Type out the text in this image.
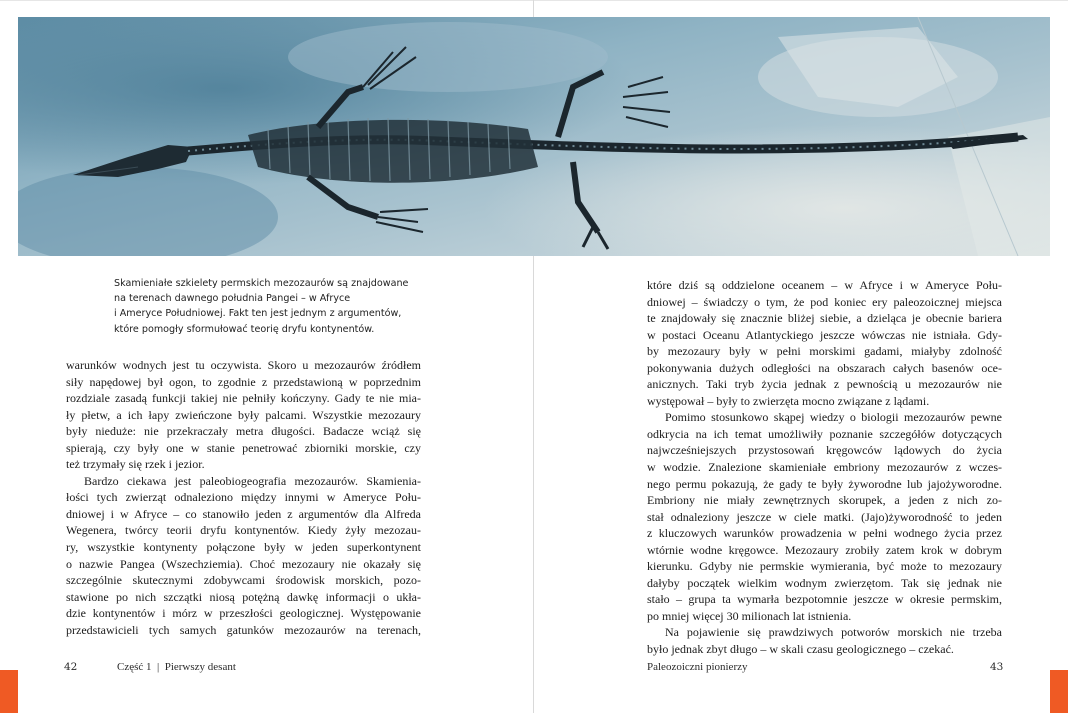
Skamieniałe szkielety permskich mezozaurów są znajdowane
na terenach dawnego południa Pangei – w Afryce
i Ameryce Południowej. Fakt ten jest jednym z argumentów,
które pomogły sformułować teorię dryfu kontynentów.
warunków wodnych jest tu oczywista. Skoro u mezozaurów źródłem
siły napędowej był ogon, to zgodnie z przedstawioną w poprzednim
rozdziale zasadą funkcji takiej nie pełniły kończyny. Gady te nie mia-
ły płetw, a ich łapy zwieńczone były palcami. Wszystkie mezozaury
były nieduże: nie przekraczały metra długości. Badacze wciąż się
spierają, czy były one w stanie penetrować zbiorniki morskie, czy
też trzymały się rzek i jezior.
Bardzo ciekawa jest paleobiogeografia mezozaurów. Skamienia-
łości tych zwierząt odnaleziono między innymi w Ameryce Połu-
dniowej i w Afryce – co stanowiło jeden z argumentów dla Alfreda
Wegenera, twórcy teorii dryfu kontynentów. Kiedy żyły mezozau-
ry, wszystkie kontynenty połączone były w jeden superkontynent
o nazwie Pangea (Wszechziemia). Choć mezozaury nie okazały się
szczególnie skutecznymi zdobywcami środowisk morskich, pozo-
stawione po nich szczątki niosą potężną dawkę informacji o ukła-
dzie kontynentów i mórz w przeszłości geologicznej. Występowanie
przedstawicieli tych samych gatunków mezozaurów na terenach,
które dziś są oddzielone oceanem – w Afryce i w Ameryce Połu-
dniowej – świadczy o tym, że pod koniec ery paleozoicznej miejsca
te znajdowały się znacznie bliżej siebie, a dzieląca je obecnie bariera
w postaci Oceanu Atlantyckiego jeszcze wówczas nie istniała. Gdy-
by mezozaury były w pełni morskimi gadami, miałyby zdolność
pokonywania dużych odległości na obszarach całych basenów oce-
anicznych. Taki tryb życia jednak z pewnością u mezozaurów nie
występował – były to zwierzęta mocno związane z lądami.
Pomimo stosunkowo skąpej wiedzy o biologii mezozaurów pewne
odkrycia na ich temat umożliwiły poznanie szczegółów dotyczących
najwcześniejszych przystosowań kręgowców lądowych do życia
w wodzie. Znalezione skamieniałe embriony mezozaurów z wczes-
nego permu pokazują, że gady te były żyworodne lub jajożyworodne.
Embriony nie miały zewnętrznych skorupek, a jeden z nich zo-
stał odnaleziony jeszcze w ciele matki. (Jajo)żyworodność to jeden
z kluczowych warunków prowadzenia w pełni wodnego życia przez
wtórnie wodne kręgowce. Mezozaury zrobiły zatem krok w dobrym
kierunku. Gdyby nie permskie wymierania, być może to mezozaury
dałyby początek wielkim wodnym zwierzętom. Tak się jednak nie
stało – grupa ta wymarła bezpotomnie jeszcze w okresie permskim,
po mniej więcej 30 milionach lat istnienia.
Na pojawienie się prawdziwych potworów morskich nie trzeba
było jednak zbyt długo – w skali czasu geologicznego – czekać.
42	Część 1  |  Pierwszy desant	Paleozoiczni pionierzy	43
